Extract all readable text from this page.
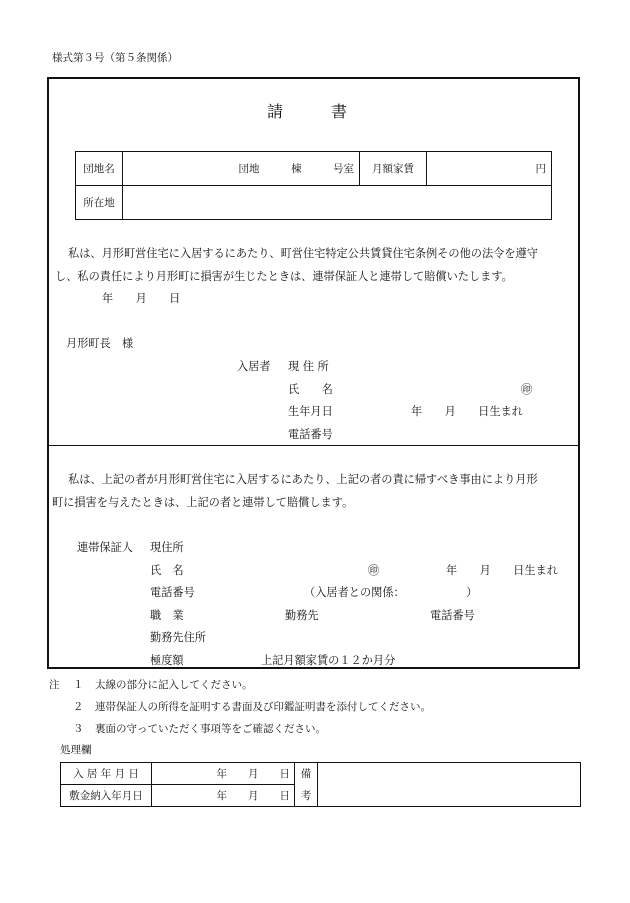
様式第３号（第５条関係）
請　　　書
団地名	団地　　　棟　　　号室	月額家賃	円
所在地			
私は、月形町営住宅に入居するにあたり、町営住宅特定公共賃貸住宅条例その他の法令を遵守
し、私の責任により月形町に損害が生じたときは、連帯保証人と連帯して賠償いたします。
年　　月　　日
月形町長　様
入居者 現 住 所
氏　　名	㊞
生年月日	年　　月　　日生まれ
電話番号
私は、上記の者が月形町営住宅に入居するにあたり、上記の者の責に帰すべき事由により月形
町に損害を与えたときは、上記の者と連帯して賠償します。
連帯保証人 現住所
氏　名	㊞	年　　月　　日生まれ
電話番号	（入居者との関係：　　　　　　）
職　業	勤務先	電話番号
勤務先住所
極度額	上記月額家賃の１２か月分
注 １ 太線の部分に記入してください。
２ 連帯保証人の所得を証明する書面及び印鑑証明書を添付してください。
３ 裏面の守っていただく事項等をご確認ください。
処理欄
入 居 年 月 日	年　　月　　日	備	
敷金納入年月日	年　　月　　日	考	
